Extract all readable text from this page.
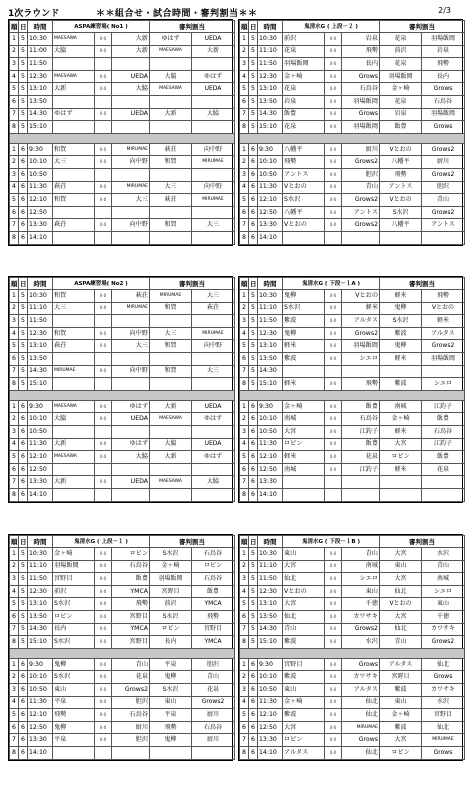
1次ラウンド	＊＊組合せ・試合時間・審判割当＊＊	2/3
順	日	時間	ASPA練習場( No1 )			審判割当	
1	5	10:30	MAESAWA	0-0	大新	ゆはず	UEDA
2	5	11:00	大脇	0-0	大新	MAESAWA	大新
3	5	11:50					
4	5	12:30	MAESAWA	0-0	UEDA	大脇	ゆはず
5	5	13:10	大新	0-0	大脇	MAESAWA	UEDA
6	5	13:50					
7	5	14:30	ゆはず	0-0	UEDA	大新	大脇
8	5	15:10					

1	6	9:30	和賀	0-0	MIRUMAE	萩荘	向中野
2	6	10:10	大三	0-0	向中野	和賀	MIRUMAE
3	6	10:50					
4	6	11:30	萩荘	0-0	MIRUMAE	大三	向中野
5	6	12:10	和賀	0-0	大三	萩荘	MIRUMAE
6	6	12:50					
7	6	13:30	萩荘	0-0	向中野	和賀	大三
8	6	14:10					
順	日	時間	鬼清水G ( 上段－２ )			審判割当	
1	5	10:30	前沢	0-0	岩泉	花泉	羽場飯岡
2	5	11:10	花泉	0-0	飛勢	前沢	岩泉
3	5	11:50	羽場飯岡	0-0	長内	花泉	飛勢
4	5	12:30	金ヶ崎	0-0	Grows	羽場飯岡	長内
5	5	13:10	花泉	0-0	石鳥谷	金ヶ崎	Grows
6	5	13:50	岩泉	0-0	羽場飯岡	花泉	石鳥谷
7	5	14:30	飯豊	0-0	Grows	岩泉	羽場飯岡
8	5	15:10	花泉	0-0	羽場飯岡	飯豊	Grows

1	6	9:30	八幡平	0-0	厨川	Vとおの	Grows2
2	6	10:10	飛勢	0-0	Grows2	八幡平	厨川
3	6	10:50	アントス	0-0	胆沢	飛勢	Grows2
4	6	11:30	Vとおの	0-0	青山	アントス	胆沢
5	6	12:10	S水沢	0-0	Grows2	Vとおの	青山
6	6	12:50	八幡平	0-0	アントス	S水沢	Grows2
7	6	13:30	Vとおの	0-0	Grows2	八幡平	アントス
8	6	14:10					
順	日	時間	ASPA練習場( No2 )			審判割当	
1	5	10:30	和賀	0-0	萩荘	MIRUMAE	大三
2	5	11:10	大三	0-0	MIRUMAE	和賀	萩荘
3	5	11:50					
4	5	12:30	和賀	0-0	向中野	大三	MIRUMAE
5	5	13:10	萩荘	0-0	大三	和賀	向中野
6	5	13:50					
7	5	14:30	MIRUMAE	0-0	向中野	和賀	大三
8	5	15:10					

1	6	9:30	MAESAWA	0-0	ゆはず	大新	UEDA
2	6	10:10	大脇	0-0	UEDA	MAESAWA	ゆはず
3	6	10:50					
4	6	11:30	大新	0-0	ゆはず	大脇	UEDA
5	6	12:10	MAESAWA	0-0	大脇	大新	ゆはず
6	6	12:50					
7	6	13:30	大新	0-0	UEDA	MAESAWA	大脇
8	6	14:10					
順	日	時間	鬼清水G ( 下段－１A )			審判割当	
1	5	10:30	鬼柳	0-0	Vとおの	軽米	飛勢
2	5	11:10	S水沢	0-0	軽米	鬼柳	Vとおの
3	5	11:50	紫波	0-0	アルタス	S水沢	軽米
4	5	12:30	鬼柳	0-0	Grows2	紫波	アルタス
5	5	13:10	軽米	0-0	羽場飯岡	鬼柳	Grows2
6	5	13:50	紫波	0-0	シエロ	軽米	羽場飯岡
7	5	14:30					
8	5	15:10	軽米	0-0	飛勢	紫波	シエロ

1	6	9:30	金ヶ崎	0-0	飯豊	南城	江釣子
2	6	10:10	南城	0-0	石鳥谷	金ヶ崎	飯豊
3	6	10:50	大宮	0-0	江釣子	軽米	石鳥谷
4	6	11:30	ロビン	0-0	飯豊	大宮	江釣子
5	6	12:10	軽米	0-0	花泉	ロビン	飯豊
6	6	12:50	南城	0-0	江釣子	軽米	花泉
7	6	13:30					
8	6	14:10					
順	日	時間	鬼清水G ( 上段－１ )			審判割当	
1	5	10:30	金ヶ崎	0-0	ロビン	S水沢	石鳥谷
2	5	11:10	羽場飯岡	0-0	石鳥谷	金ヶ崎	ロビン
3	5	11:50	宮野目	0-0	飯豊	羽場飯岡	石鳥谷
4	5	12:30	前沢	0-0	YMCA	宮野目	飯豊
5	5	13:10	S水沢	0-0	飛勢	前沢	YMCA
6	5	13:50	ロビン	0-0	宮野目	S水沢	飛勢
7	5	14:30	長内	0-0	YMCA	ロビン	宮野目
8	5	15:10	S水沢	0-0	宮野目	長内	YMCA

1	6	9:30	鬼柳	0-0	青山	平泉	胆沢
2	6	10:10	S水沢	0-0	花泉	鬼柳	青山
3	6	10:50	東山	0-0	Grows2	S水沢	花泉
4	6	11:30	平泉	0-0	胆沢	東山	Grows2
5	6	12:10	飛勢	0-0	石鳥谷	平泉	厨川
6	6	12:50	鬼柳	0-0	厨川	飛勢	石鳥谷
7	6	13:30	平泉	0-0	胆沢	鬼柳	厨川
8	6	14:10					
順	日	時間	鬼清水G ( 下段－１B )			審判割当	
1	5	10:30	東山	0-0	青山	大宮	水沢
2	5	11:10	大宮	0-0	南城	東山	青山
3	5	11:50	仙北	0-0	シエロ	大宮	南城
4	5	12:30	Vとおの	0-0	東山	仙北	シエロ
5	5	13:10	大宮	0-0	千徳	Vとおの	東山
6	5	13:50	仙北	0-0	カワサキ	大宮	千徳
7	5	14:30	青山	0-0	Grows2	仙北	カワサキ
8	5	15:10	紫波	0-0	水沢	青山	Grows2

1	6	9:30	宮野目	0-0	Grows	アルタス	仙北
2	6	10:10	紫波	0-0	カワサキ	宮野目	Grows
3	6	10:50	東山	0-0	アルタス	紫波	カワサキ
4	6	11:30	金ヶ崎	0-0	仙北	東山	水沢
5	6	12:10	紫波	0-0	仙北	金ヶ崎	宮野目
6	6	12:50	大宮	0-0	MIRUMAE	紫波	仙北
7	6	13:30	ロビン	0-0	Grows	大宮	MIRUMAE
8	6	14:10	アルタス	0-0	仙北	ロビン	Grows
